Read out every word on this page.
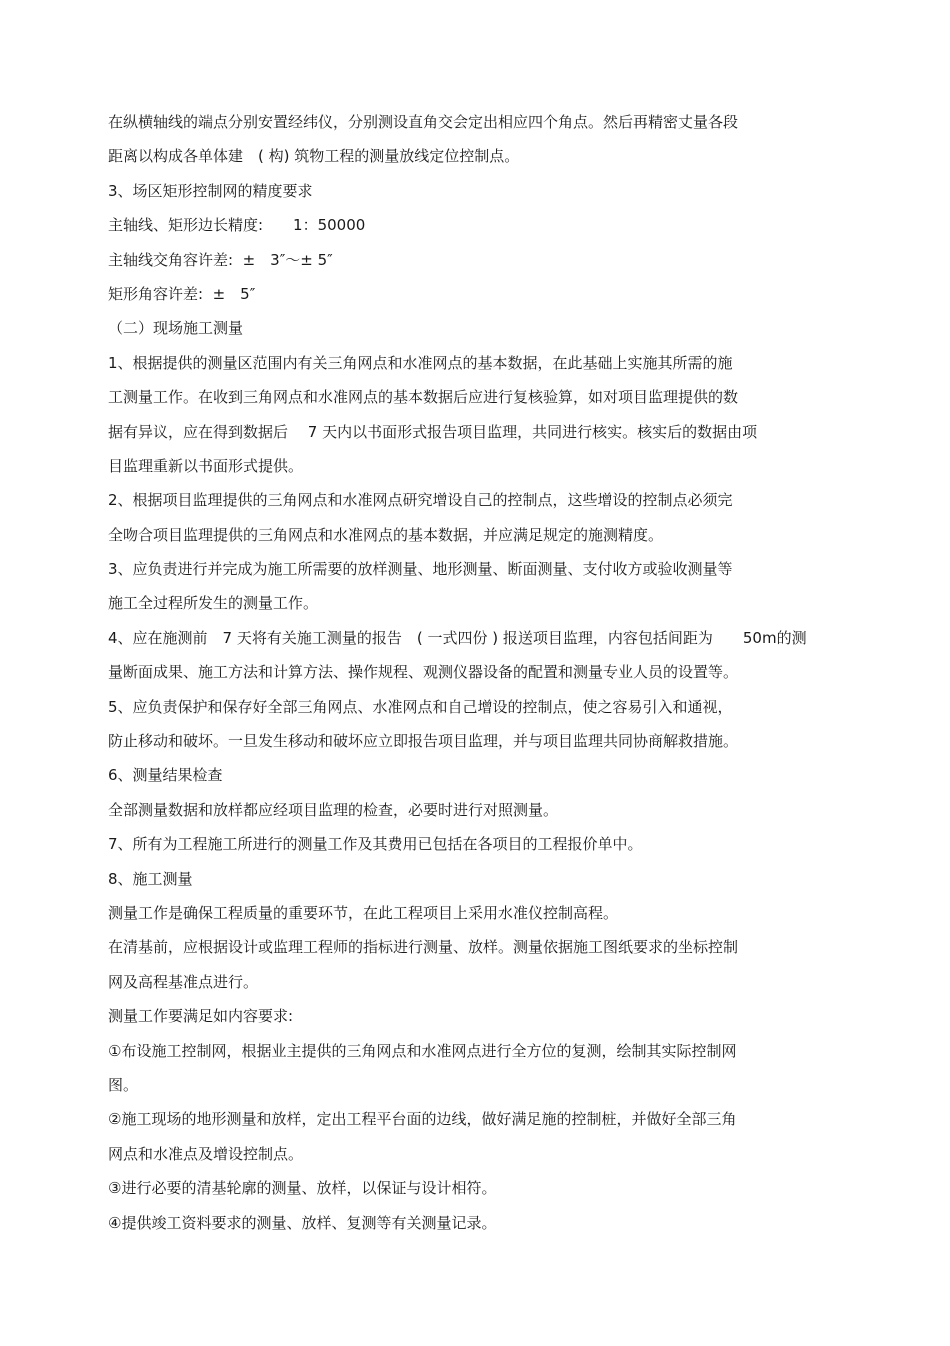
在纵横轴线的端点分别安置经纬仪，分别测设直角交会定出相应四个角点。然后再精密丈量各段
距离以构成各单体建　( 构) 筑物工程的测量放线定位控制点。
3、场区矩形控制网的精度要求
主轴线、矩形边长精度:　　1：50000
主轴线交角容许差:  ±　3″～± 5″
矩形角容许差:  ±　5″
（二）现场施工测量
1、根据提供的测量区范围内有关三角网点和水准网点的基本数据，在此基础上实施其所需的施
工测量工作。在收到三角网点和水准网点的基本数据后应进行复核验算，如对项目监理提供的数
据有异议，应在得到数据后　 7 天内以书面形式报告项目监理，共同进行核实。核实后的数据由项
目监理重新以书面形式提供。
2、根据项目监理提供的三角网点和水准网点研究增设自己的控制点，这些增设的控制点必须完
全吻合项目监理提供的三角网点和水准网点的基本数据，并应满足规定的施测精度。
3、应负责进行并完成为施工所需要的放样测量、地形测量、断面测量、支付收方或验收测量等
施工全过程所发生的测量工作。
4、应在施测前　7 天将有关施工测量的报告　( 一式四份 ) 报送项目监理，内容包括间距为　　50m的测
量断面成果、施工方法和计算方法、操作规程、观测仪器设备的配置和测量专业人员的设置等。
5、应负责保护和保存好全部三角网点、水准网点和自己增设的控制点，使之容易引入和通视，
防止移动和破坏。一旦发生移动和破坏应立即报告项目监理，并与项目监理共同协商解救措施。
6、测量结果检查
全部测量数据和放样都应经项目监理的检查，必要时进行对照测量。
7、所有为工程施工所进行的测量工作及其费用已包括在各项目的工程报价单中。
8、施工测量
测量工作是确保工程质量的重要环节，在此工程项目上采用水准仪控制高程。
在清基前，应根据设计或监理工程师的指标进行测量、放样。测量依据施工图纸要求的坐标控制
网及高程基准点进行。
测量工作要满足如内容要求:
①布设施工控制网，根据业主提供的三角网点和水准网点进行全方位的复测，绘制其实际控制网
图。
②施工现场的地形测量和放样，定出工程平台面的边线，做好满足施的控制桩，并做好全部三角
网点和水准点及增设控制点。
③进行必要的清基轮廓的测量、放样，以保证与设计相符。
④提供竣工资料要求的测量、放样、复测等有关测量记录。
